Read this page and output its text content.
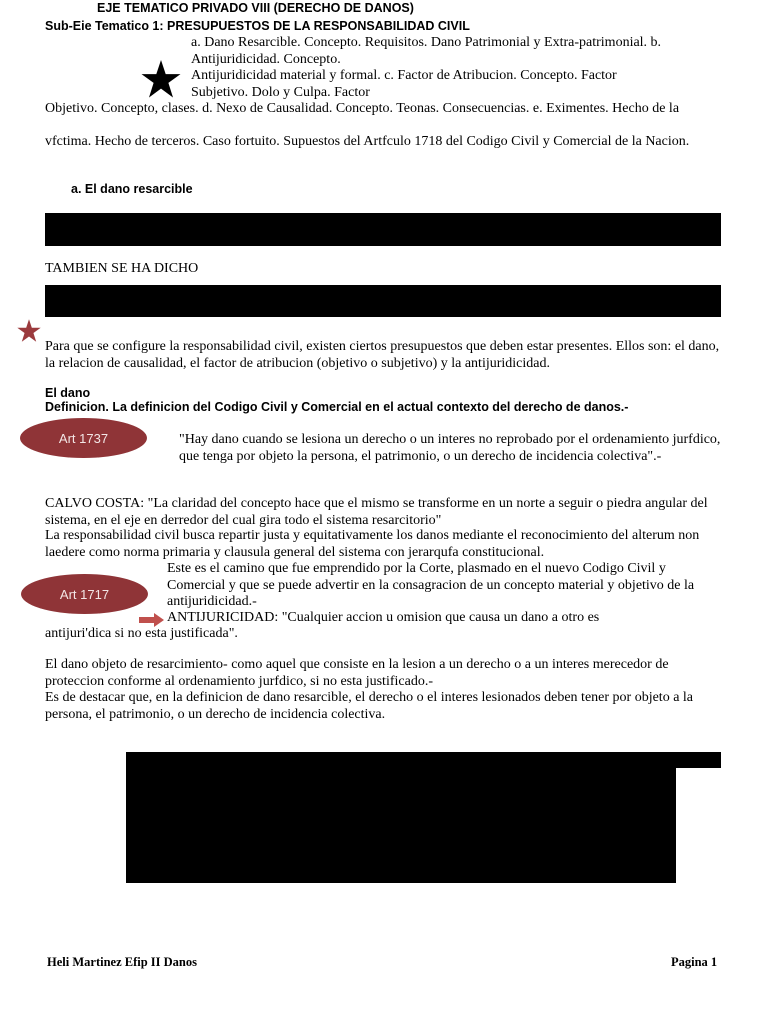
EJE TEMATICO PRIVADO VIII (DERECHO DE DANOS)
Sub-Eie Tematico 1: PRESUPUESTOS DE LA RESPONSABILIDAD CIVIL
a. Dano Resarcible. Concepto. Requisitos. Dano Patrimonial y Extra-patrimonial. b.
Antijuridicidad. Concepto.
Antijuridicidad material y formal. c. Factor de Atribucion. Concepto. Factor
Subjetivo. Dolo y Culpa. Factor
Objetivo. Concepto, clases. d. Nexo de Causalidad. Concepto. Teonas. Consecuencias. e. Eximentes. Hecho de la
vfctima. Hecho de terceros. Caso fortuito. Supuestos del Artfculo 1718 del Codigo Civil y Comercial de la Nacion.
a. El dano resarcible
TAMBIEN SE HA DICHO
Para que se configure la responsabilidad civil, existen ciertos presupuestos que deben estar presentes. Ellos son: el dano, la relacion de causalidad, el factor de atribucion (objetivo o subjetivo) y la antijuridicidad.
El dano
Definicion. La definicion del Codigo Civil y Comercial en el actual contexto del derecho de danos.-
Art 1737	"Hay dano cuando se lesiona un derecho o un interes no reprobado por el ordenamiento jurfdico, que tenga por objeto la persona, el patrimonio, o un derecho de incidencia colectiva".-
CALVO COSTA: "La claridad del concepto hace que el mismo se transforme en un norte a seguir o piedra angular del sistema, en el eje en derredor del cual gira todo el sistema resarcitorio"
La responsabilidad civil busca repartir justa y equitativamente los danos mediante el reconocimiento del alterum non laedere como norma primaria y clausula general del sistema con jerarqufa constitucional.
Art 1717
Este es el camino que fue emprendido por la Corte, plasmado en el nuevo Codigo Civil y Comercial y que se puede advertir en la consagracion de un concepto material y objetivo de la antijuridicidad.-
ANTIJURICIDAD: "Cualquier accion u omision que causa un dano a otro es
antijuri'dica si no esta justificada".
El dano objeto de resarcimiento- como aquel que consiste en la lesion a un derecho o a un interes merecedor de proteccion conforme al ordenamiento jurfdico, si no esta justificado.-
Es de destacar que, en la definicion de dano resarcible, el derecho o el interes lesionados deben tener por objeto a la persona, el patrimonio, o un derecho de incidencia colectiva.
Heli Martinez Efip II Danos	Pagina 1
